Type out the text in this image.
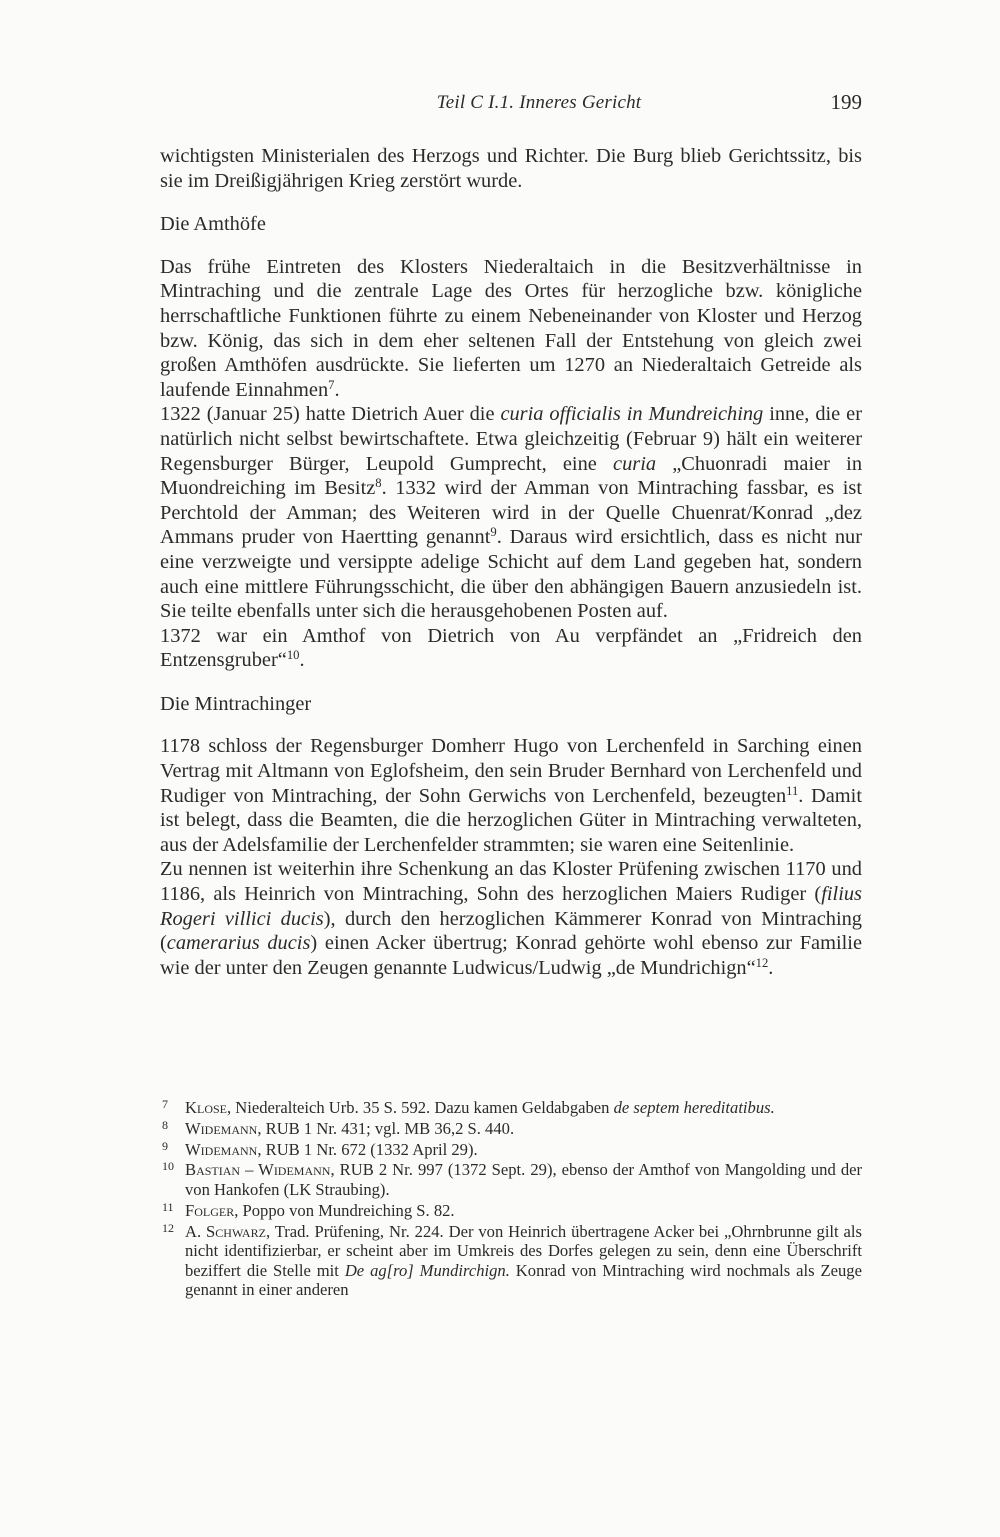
Teil C I.1. Inneres Gericht	199

wichtigsten Ministerialen des Herzogs und Richter. Die Burg blieb Gerichtssitz, bis sie im Dreißigjährigen Krieg zerstört wurde.

Die Amthöfe

Das frühe Eintreten des Klosters Niederaltaich in die Besitzverhältnisse in Mintraching und die zentrale Lage des Ortes für herzogliche bzw. königliche herrschaftliche Funktionen führte zu einem Nebeneinander von Kloster und Herzog bzw. König, das sich in dem eher seltenen Fall der Entstehung von gleich zwei großen Amthöfen ausdrückte. Sie lieferten um 1270 an Niederaltaich Getreide als laufende Einnahmen$^7$.

1322 (Januar 25) hatte Dietrich Auer die curia officialis in Mundreiching inne, die er natürlich nicht selbst bewirtschaftete. Etwa gleichzeitig (Februar 9) hält ein weiterer Regensburger Bürger, Leupold Gumprecht, eine curia „Chuonradi maier in Muondreiching im Besitz$^8$. 1332 wird der Amman von Mintraching fassbar, es ist Perchtold der Amman; des Weiteren wird in der Quelle Chuenrat/Konrad „dez Ammans pruder von Haertting genannt$^9$. Daraus wird ersichtlich, dass es nicht nur eine verzweigte und versippte adelige Schicht auf dem Land gegeben hat, sondern auch eine mittlere Führungsschicht, die über den abhängigen Bauern anzusiedeln ist. Sie teilte ebenfalls unter sich die herausgehobenen Posten auf.

1372 war ein Amthof von Dietrich von Au verpfändet an „Fridreich den Entzensgruber“$^{10}$.

Die Mintrachinger

1178 schloss der Regensburger Domherr Hugo von Lerchenfeld in Sarching einen Vertrag mit Altmann von Eglofsheim, den sein Bruder Bernhard von Lerchenfeld und Rudiger von Mintraching, der Sohn Gerwichs von Lerchenfeld, bezeugten$^{11}$. Damit ist belegt, dass die Beamten, die die herzoglichen Güter in Mintraching verwalteten, aus der Adelsfamilie der Lerchenfelder strammten; sie waren eine Seitenlinie.

Zu nennen ist weiterhin ihre Schenkung an das Kloster Prüfening zwischen 1170 und 1186, als Heinrich von Mintraching, Sohn des herzoglichen Maiers Rudiger (filius Rogeri villici ducis), durch den herzoglichen Kämmerer Konrad von Mintraching (camerarius ducis) einen Acker übertrug; Konrad gehörte wohl ebenso zur Familie wie der unter den Zeugen genannte Ludwicus/Ludwig „de Mundrichign“$^{12}$.

7 Klose, Niederalteich Urb. 35 S. 592. Dazu kamen Geldabgaben de septem hereditatibus.
8 Widemann, RUB 1 Nr. 431; vgl. MB 36,2 S. 440.
9 Widemann, RUB 1 Nr. 672 (1332 April 29).
10 Bastian – Widemann, RUB 2 Nr. 997 (1372 Sept. 29), ebenso der Amthof von Mangolding und der von Hankofen (LK Straubing).
11 Folger, Poppo von Mundreiching S. 82.
12 A. Schwarz, Trad. Prüfening, Nr. 224. Der von Heinrich übertragene Acker bei „Ohrnbrunne gilt als nicht identifizierbar, er scheint aber im Umkreis des Dorfes gelegen zu sein, denn eine Überschrift beziffert die Stelle mit De ag[ro] Mundirchign. Konrad von Mintraching wird nochmals als Zeuge genannt in einer anderen
